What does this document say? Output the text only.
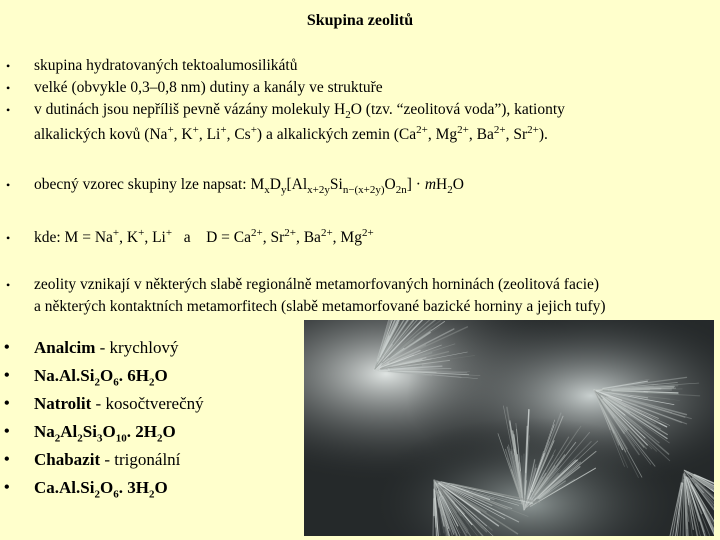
Skupina zeolitů
•
•
•
•
•
•
skupina hydratovaných tektoalumosilikátů
velké (obvykle 0,3–0,8 nm) dutiny a kanály ve struktuře
v dutinách jsou nepříliš pevně vázány molekuly $H_2O$ (tzv. “zeolitová voda”), kationty
alkalických kovů (Na+, K+, Li+, Cs+) a alkalických zemin ($Ca^{2+}$, $Mg^{2+}$, $Ba^{2+}$, $Sr^{2+}$).
obecný vzorec skupiny lze napsat: $M_xD_y[Al_{x+2y}Si_{n-(x+2y)}O_{2n}] \cdot mH_2O$
kde: M = Na+, K+, Li+   a    $D = Ca^{2+}$, $Sr^{2+}$, $Ba^{2+}$, $Mg^{2+}$
zeolity vznikají v některých slabě regionálně metamorfovaných horninách (zeolitová facie)
a některých kontaktních metamorfitech (slabě metamorfované bazické horniny a jejich tufy)
•
•
•
•
•
•
Analcim - krychlový
$Na.Al.Si_2O_6$. $6H_2O$
Natrolit - kosočtverečný
$Na_2Al_2Si_3O_{10}$. $2H_2O$
Chabazit - trigonální
$Ca.Al.Si_2O_6$. $3H_2O$
